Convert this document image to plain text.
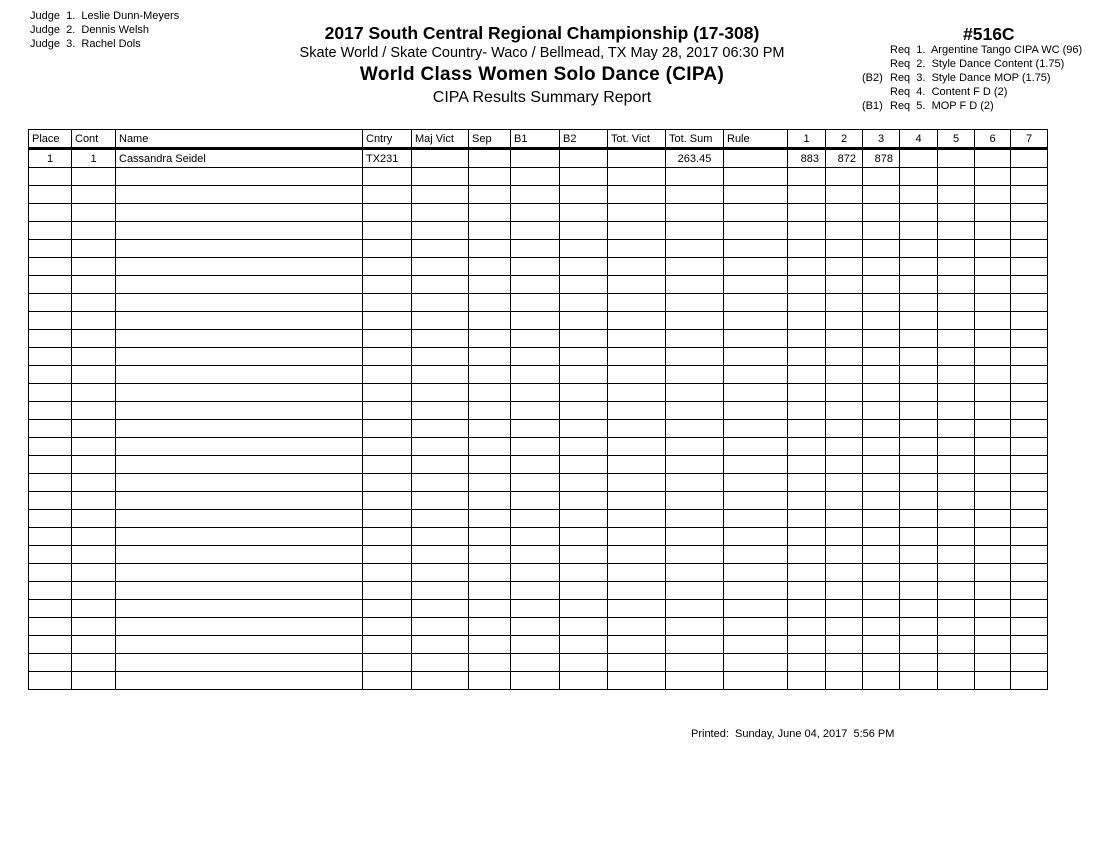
Judge  1.  Leslie Dunn-Meyers
Judge  2.  Dennis Welsh
Judge  3.  Rachel Dols
2017 South Central Regional Championship (17-308)
Skate World / Skate Country- Waco / Bellmead, TX May 28, 2017 06:30 PM
World Class Women Solo Dance (CIPA)
CIPA Results Summary Report
#516C
Req  1.  Argentine Tango CIPA WC (96)
Req  2.  Style Dance Content (1.75)
(B2) Req  3.  Style Dance MOP (1.75)
Req  4.  Content F D (2)
(B1) Req  5.  MOP F D (2)
Place	Cont	Name	Cntry	Maj Vict	Sep	B1	B2	Tot. Vict	Tot. Sum	Rule	1	2	3	4	5	6	7
1	1	Cassandra Seidel	TX231						263.45		883	872	878				

Printed:  Sunday, June 04, 2017  5:56 PM
